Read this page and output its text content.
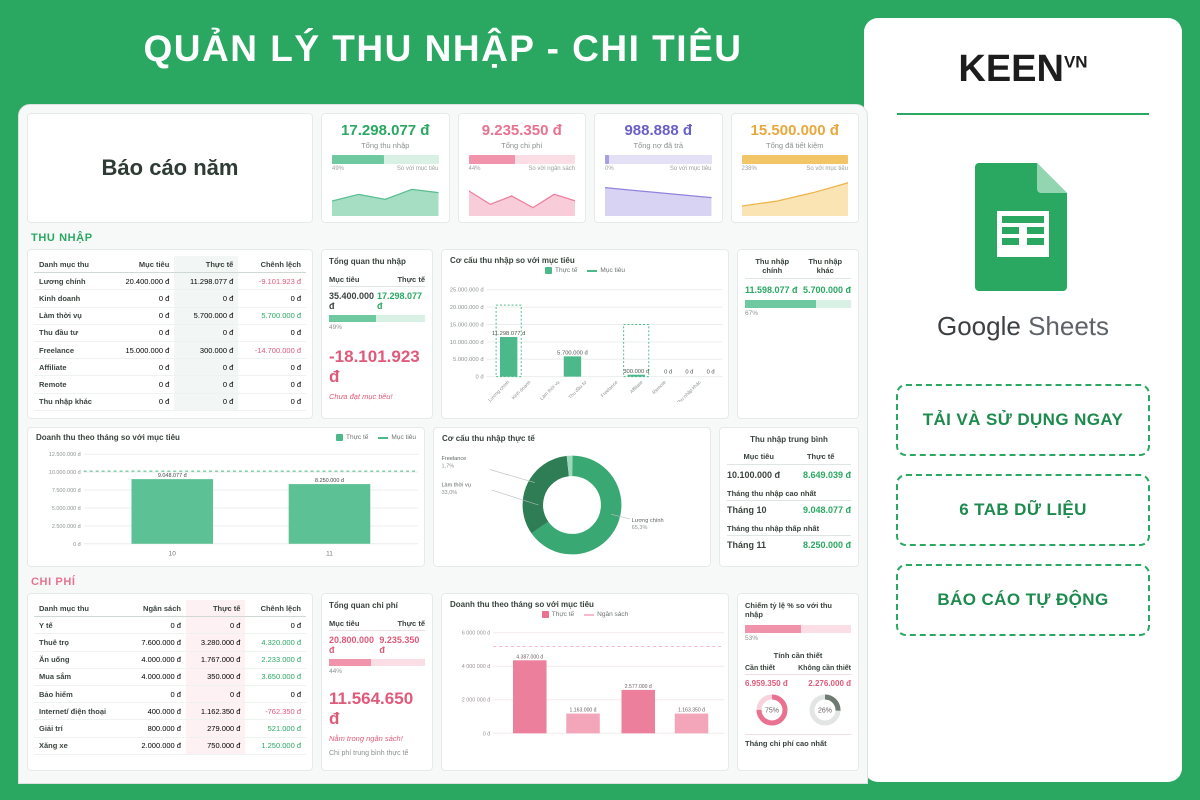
QUẢN LÝ THU NHẬP - CHI TIÊU	$KEEN^{VN}$
Google Sheets
TẢI VÀ SỬ DỤNG NGAY
6 TAB DỮ LIỆU
BÁO CÁO TỰ ĐỘNG
Báo cáo năm
17.298.077 đ
Tổng thu nhập
49%	So với mục tiêu
9.235.350 đ
Tổng chi phí
44%	So với ngân sách
988.888 đ
Tổng nợ đã trả
0%	So với mục tiêu
15.500.000 đ
Tổng đã tiết kiệm
238%	So với mục tiêu
THU NHẬP
Danh mục thu	Mục tiêu	Thực tế	Chênh lệch
Lương chính	20.400.000 đ	11.298.077 đ	-9.101.923 đ
Kinh doanh	0 đ	0 đ	0 đ
Làm thời vụ	0 đ	5.700.000 đ	5.700.000 đ
Thu đầu tư	0 đ	0 đ	0 đ
Freelance	15.000.000 đ	300.000 đ	-14.700.000 đ
Affiliate	0 đ	0 đ	0 đ
Remote	0 đ	0 đ	0 đ
Thu nhập khác	0 đ	0 đ	0 đ
Tổng quan thu nhập
Mục tiêu	Thực tế
35.400.000 đ
17.298.077 đ
49%
-18.101.923 đ
Chưa đạt mục tiêu!
Cơ cấu thu nhập so với mục tiêu
Thực tế	Mục tiêu
25.000.000 đ
20.000.000 đ
15.000.000 đ
10.000.000 đ
5.000.000 đ
0 đ
11.298.077 đ
5.700.000 đ
300.000 đ 0 đ 0 đ 0 đ
Lương chính Kinh doanh Làm thời vụ Thu đầu tư Freelance Affiliate Remote Thu nhập khác
Thu nhập chính
Thu nhập khác
11.598.077 đ 5.700.000 đ
67%
Doanh thu theo tháng so với mục tiêu	Thực tế	Mục tiêu
12.500.000 đ
10.000.000 đ
7.500.000 đ
5.000.000 đ
2.500.000 đ
0 đ
9.048.077 đ
8.250.000 đ
10	11
Cơ cấu thu nhập thực tế
Freelance
1,7%
Làm thời vụ
33,0%
Lương chính
65,3%
Thu nhập trung bình
Mục tiêu	Thực tế
10.100.000 đ	8.649.039 đ
Tháng thu nhập cao nhất
Tháng 10	9.048.077 đ
Tháng thu nhập thấp nhất
Tháng 11	8.250.000 đ
CHI PHÍ
Danh mục thu	Ngân sách	Thực tế	Chênh lệch
Y tế	0 đ	0 đ	0 đ
Thuê trọ	7.600.000 đ	3.280.000 đ	4.320.000 đ
Ăn uống	4.000.000 đ	1.767.000 đ	2.233.000 đ
Mua sắm	4.000.000 đ	350.000 đ	3.650.000 đ
Bảo hiểm	0 đ	0 đ	0 đ
Internet/ điện thoại	400.000 đ	1.162.350 đ	-762.350 đ
Giải trí	800.000 đ	279.000 đ	521.000 đ
Xăng xe	2.000.000 đ	750.000 đ	1.250.000 đ
Tổng quan chi phí
Mục tiêu	Thực tế
20.800.000 đ
9.235.350 đ
44%
11.564.650 đ
Nằm trong ngân sách!
Chi phí trung bình thực tế
Doanh thu theo tháng so với mục tiêu
Thực tế	Ngân sách
6 000 000 đ
4 000 000 đ
2 000 000 đ
0 đ
4.387.000 đ
1.163.000 đ
2.577.000 đ
1.163.350 đ
Chiếm tỷ lệ % so với thu nhập
53%
Tính cần thiết
Cần thiết	Không cần thiết
6.959.350 đ	2.276.000 đ
75%	26%
Tháng chi phí cao nhất
